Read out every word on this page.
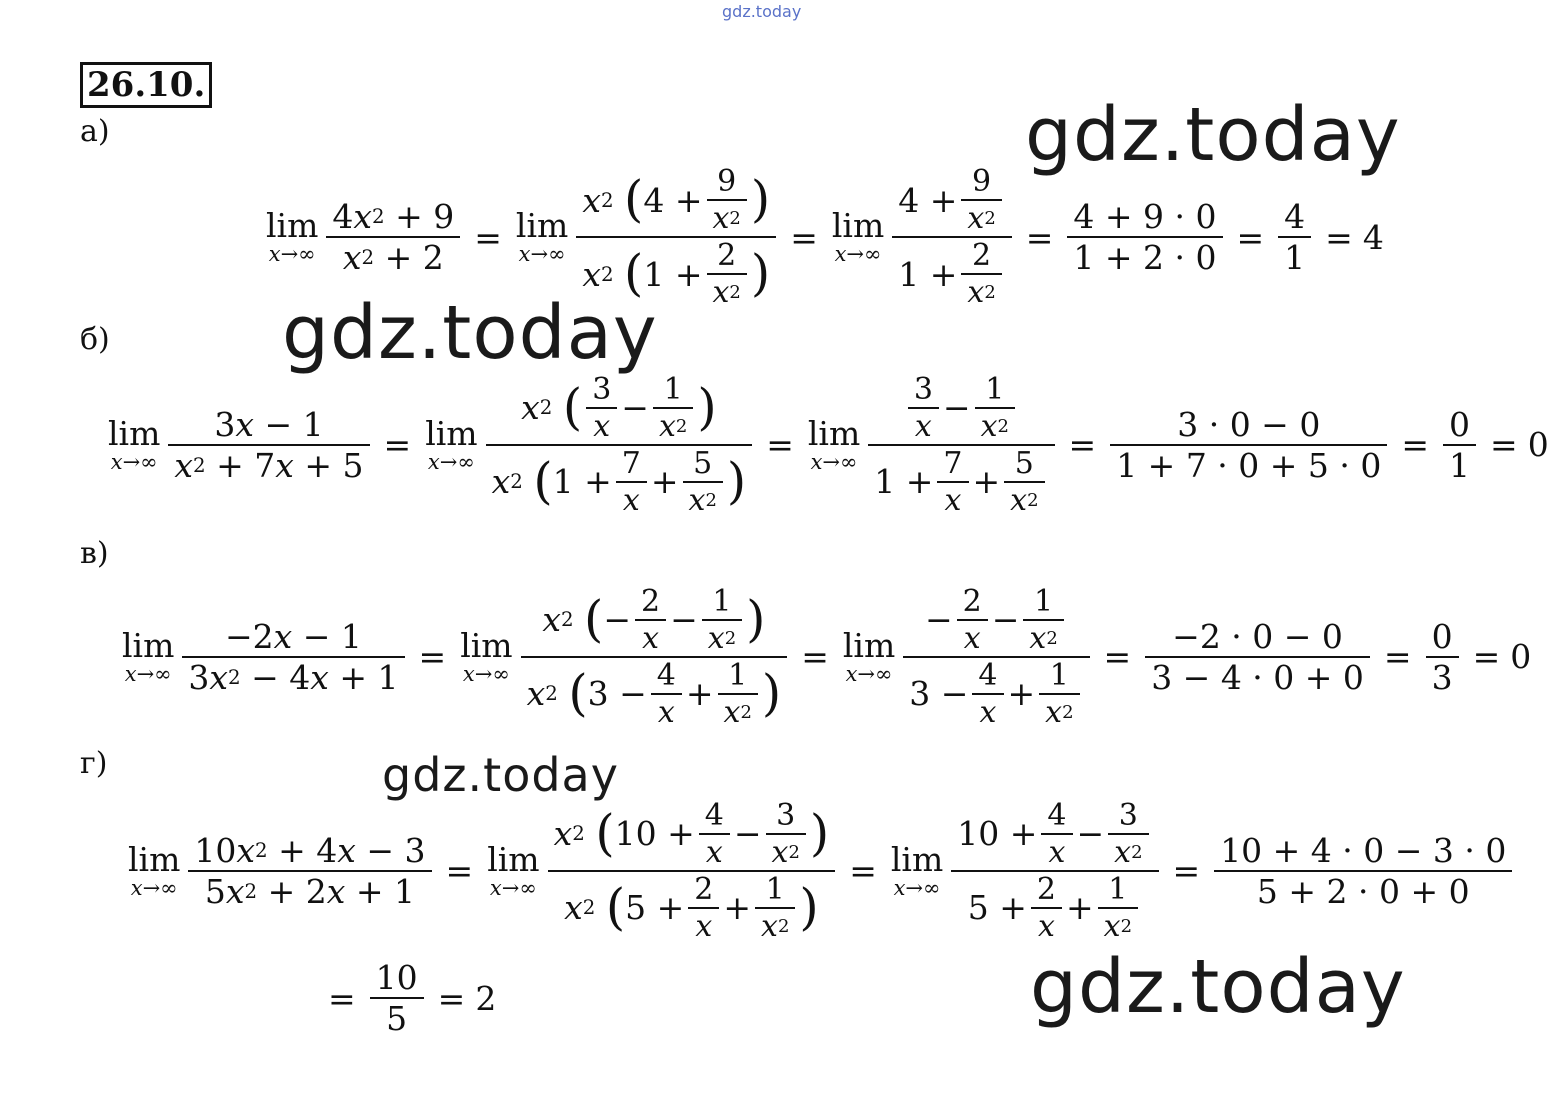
gdz.today
gdz.today
gdz.today
gdz.today
gdz.today
26.10.
а)
lim
$x\to\infty \frac{4 x 2 + 9}{x 2 + 2} = \lim$
x→∞ x 2
( $4 + \frac{9}{x 2}$ )
x 2
( $1 + \frac{2}{x 2}$ ) = lim
$x\to\infty \frac{4 + \frac{9}{x 2}}{1 + \frac{2}{x 2}} = \frac{4 + 9 \cdot 0}{1 + 2 \cdot 0} = \frac{4}{1} = 4$
б)
lim
$x\to\infty \frac{3 x - 1}{x 2 + 7 x + 5} = \lim$
x→∞ x 2
( $\frac{3}{x} - \frac{1}{x 2}$ )
x 2
( $1 + \frac{7}{x} + \frac{5}{x 2}$ ) = lim
$x\to\infty \frac{\frac{3}{x} - \frac{1}{x 2}}{1 + \frac{7}{x} + \frac{5}{x 2}} = \frac{3 \cdot 0 - 0}{1 + 7 \cdot 0 + 5 \cdot 0} = \frac{0}{1} = 0$
в)
lim
$x\to\infty \frac{-2 x - 1}{3 x 2 - 4 x + 1} = \lim$
x→∞ x 2
( − $\frac{2}{x} - \frac{1}{x 2}$ )
x 2
( $3 - \frac{4}{x} + \frac{1}{x 2}$ ) = lim
$x\to\infty \frac{- \frac{2}{x} - \frac{1}{x 2}}{3 - \frac{4}{x} + \frac{1}{x 2}} = \frac{-2 \cdot 0 - 0}{3 - 4 \cdot 0 + 0} = \frac{0}{3} = 0$
г)
lim
$x\to\infty \frac{10 x 2 + 4 x - 3}{5 x 2 + 2 x + 1} = \lim$
x→∞ x 2
( $10 + \frac{4}{x} - \frac{3}{x 2}$ )
x 2
( $5 + \frac{2}{x} + \frac{1}{x 2}$ ) = lim
$x\to\infty \frac{10 + \frac{4}{x} - \frac{3}{x 2}}{5 + \frac{2}{x} + \frac{1}{x 2}} = \frac{10 + 4 \cdot 0 - 3 \cdot 0}{5 + 2 \cdot 0 + 0}$
= $\frac{10}{5} = 2$
